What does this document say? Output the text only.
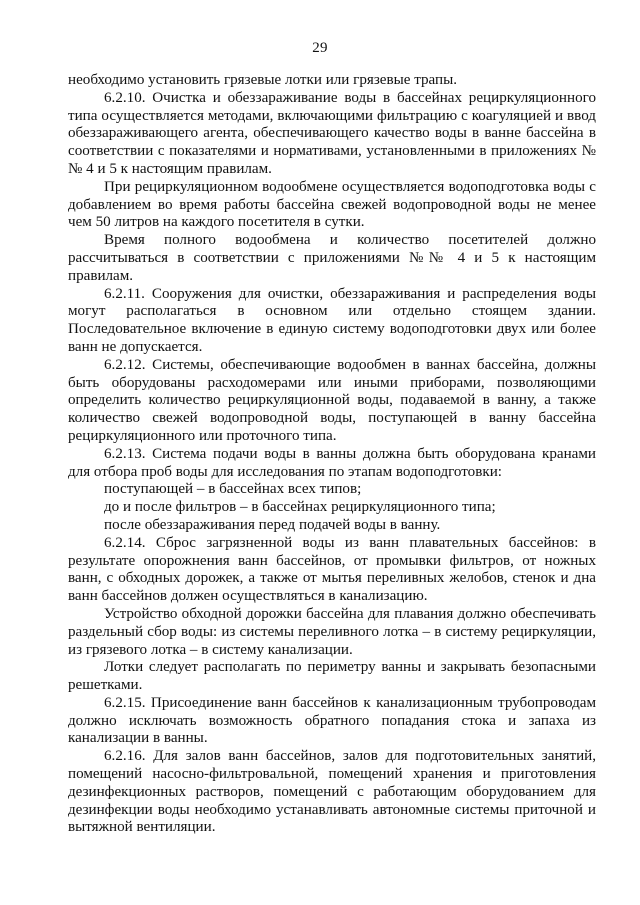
29

необходимо установить грязевые лотки или грязевые трапы.

6.2.10. Очистка и обеззараживание воды в бассейнах рециркуляционного типа осуществляется методами, включающими фильтрацию с коагуляцией и ввод обеззараживающего агента, обеспечивающего качество воды в ванне бассейна в соответствии с показателями и нормативами, установленными в приложениях №№ 4 и 5 к настоящим правилам.

При рециркуляционном водообмене осуществляется водоподготовка воды с добавлением во время работы бассейна свежей водопроводной воды не менее чем 50 литров на каждого посетителя в сутки.

Время полного водообмена и количество посетителей должно рассчитываться в соответствии с приложениями №№ 4 и 5 к настоящим правилам.

6.2.11. Сооружения для очистки, обеззараживания и распределения воды могут располагаться в основном или отдельно стоящем здании. Последовательное включение в единую систему водоподготовки двух или более ванн не допускается.

6.2.12. Системы, обеспечивающие водообмен в ваннах бассейна, должны быть оборудованы расходомерами или иными приборами, позволяющими определить количество рециркуляционной воды, подаваемой в ванну, а также количество свежей водопроводной воды, поступающей в ванну бассейна рециркуляционного или проточного типа.

6.2.13. Система подачи воды в ванны должна быть оборудована кранами для отбора проб воды для исследования по этапам водоподготовки:

поступающей – в бассейнах всех типов;

до и после фильтров – в бассейнах рециркуляционного типа;

после обеззараживания перед подачей воды в ванну.

6.2.14. Сброс загрязненной воды из ванн плавательных бассейнов: в результате опорожнения ванн бассейнов, от промывки фильтров, от ножных ванн, с обходных дорожек, а также от мытья переливных желобов, стенок и дна ванн бассейнов должен осуществляться в канализацию.

Устройство обходной дорожки бассейна для плавания должно обеспечивать раздельный сбор воды: из системы переливного лотка – в систему рециркуляции, из грязевого лотка – в систему канализации.

Лотки следует располагать по периметру ванны и закрывать безопасными решетками.

6.2.15. Присоединение ванн бассейнов к канализационным трубопроводам должно исключать возможность обратного попадания стока и запаха из канализации в ванны.

6.2.16. Для залов ванн бассейнов, залов для подготовительных занятий, помещений насосно-фильтровальной, помещений хранения и приготовления дезинфекционных растворов, помещений с работающим оборудованием для дезинфекции воды необходимо устанавливать автономные системы приточной и вытяжной вентиляции.
